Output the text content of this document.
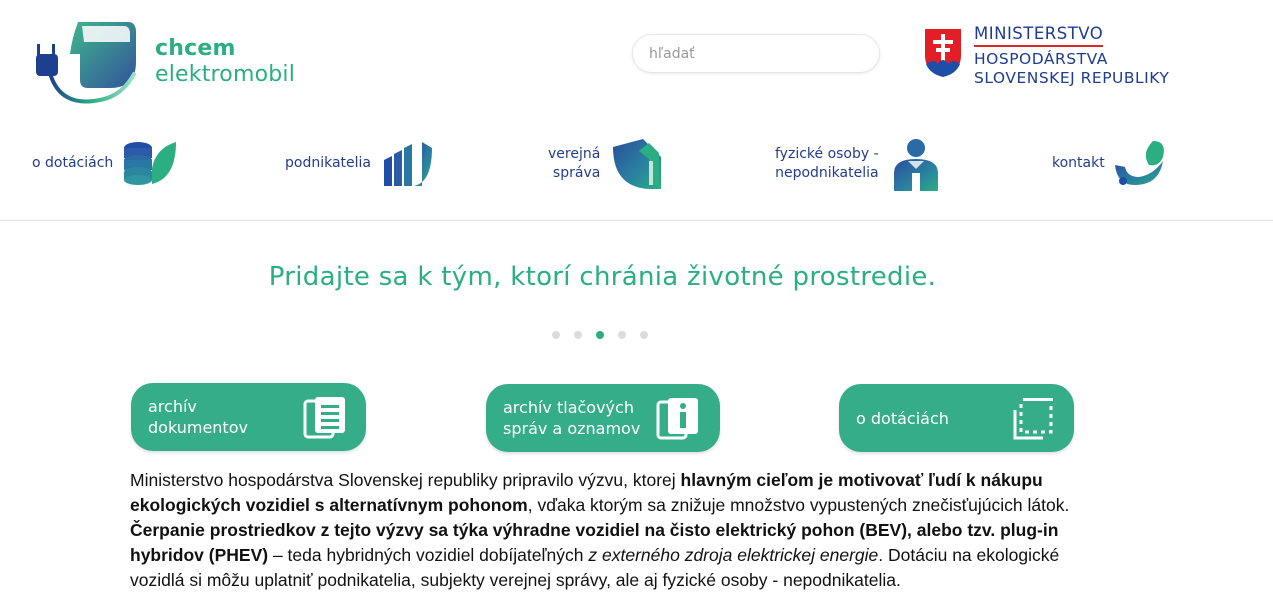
chcem
elektromobil
hľadať
MINISTERSTVO
HOSPODÁRSTVA
SLOVENSKEJ REPUBLIKY
o dotáciách	podnikatelia
verejná
správa
fyzické osoby -
nepodnikatelia
kontakt
Pridajte sa k tým, ktorí chránia životné prostredie.
archív
dokumentov
archív tlačových
správ a oznamov
o dotáciách
Ministerstvo hospodárstva Slovenskej republiky pripravilo výzvu, ktorej hlavným cieľom je motivovať ľudí k nákupu ekologických vozidiel s alternatívnym pohonom, vďaka ktorým sa znižuje množstvo vypustených znečisťujúcich látok. Čerpanie prostriedkov z tejto výzvy sa týka výhradne vozidiel na čisto elektrický pohon (BEV), alebo tzv. plug-in hybridov (PHEV) – teda hybridných vozidiel dobíjateľných z externého zdroja elektrickej energie. Dotáciu na ekologické vozidlá si môžu uplatniť podnikatelia, subjekty verejnej správy, ale aj fyzické osoby - nepodnikatelia.
